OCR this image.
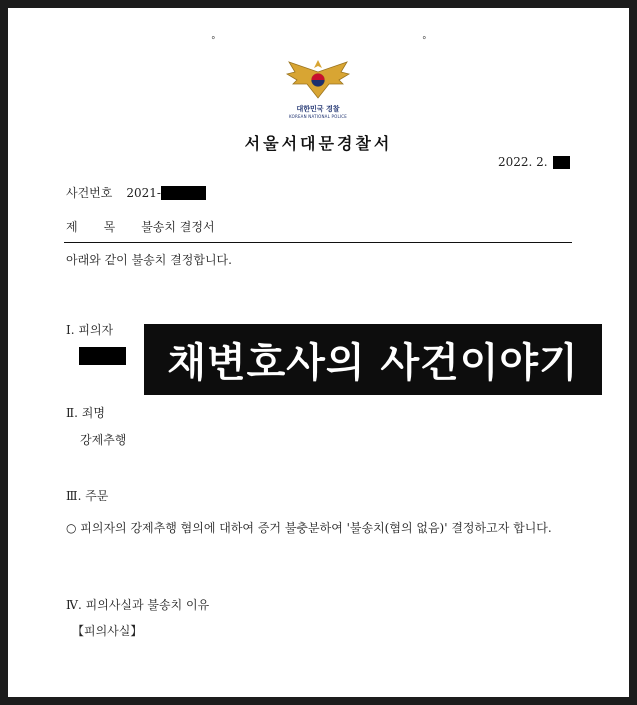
°	°
대한민국 경찰
KOREAN NATIONAL POLICE
서울서대문경찰서
2022. 2.
사건번호 2021-
제목 불송치 결정서
아래와 같이 불송치 결정합니다.
Ⅰ. 피의자
채변호사의 사건이야기
Ⅱ. 죄명
강제추행
Ⅲ. 주문
○ 피의자의 강제추행 혐의에 대하여 증거 불충분하여 '불송치(혐의 없음)' 결정하고자 합니다.
Ⅳ. 피의사실과 불송치 이유
【피의사실】
